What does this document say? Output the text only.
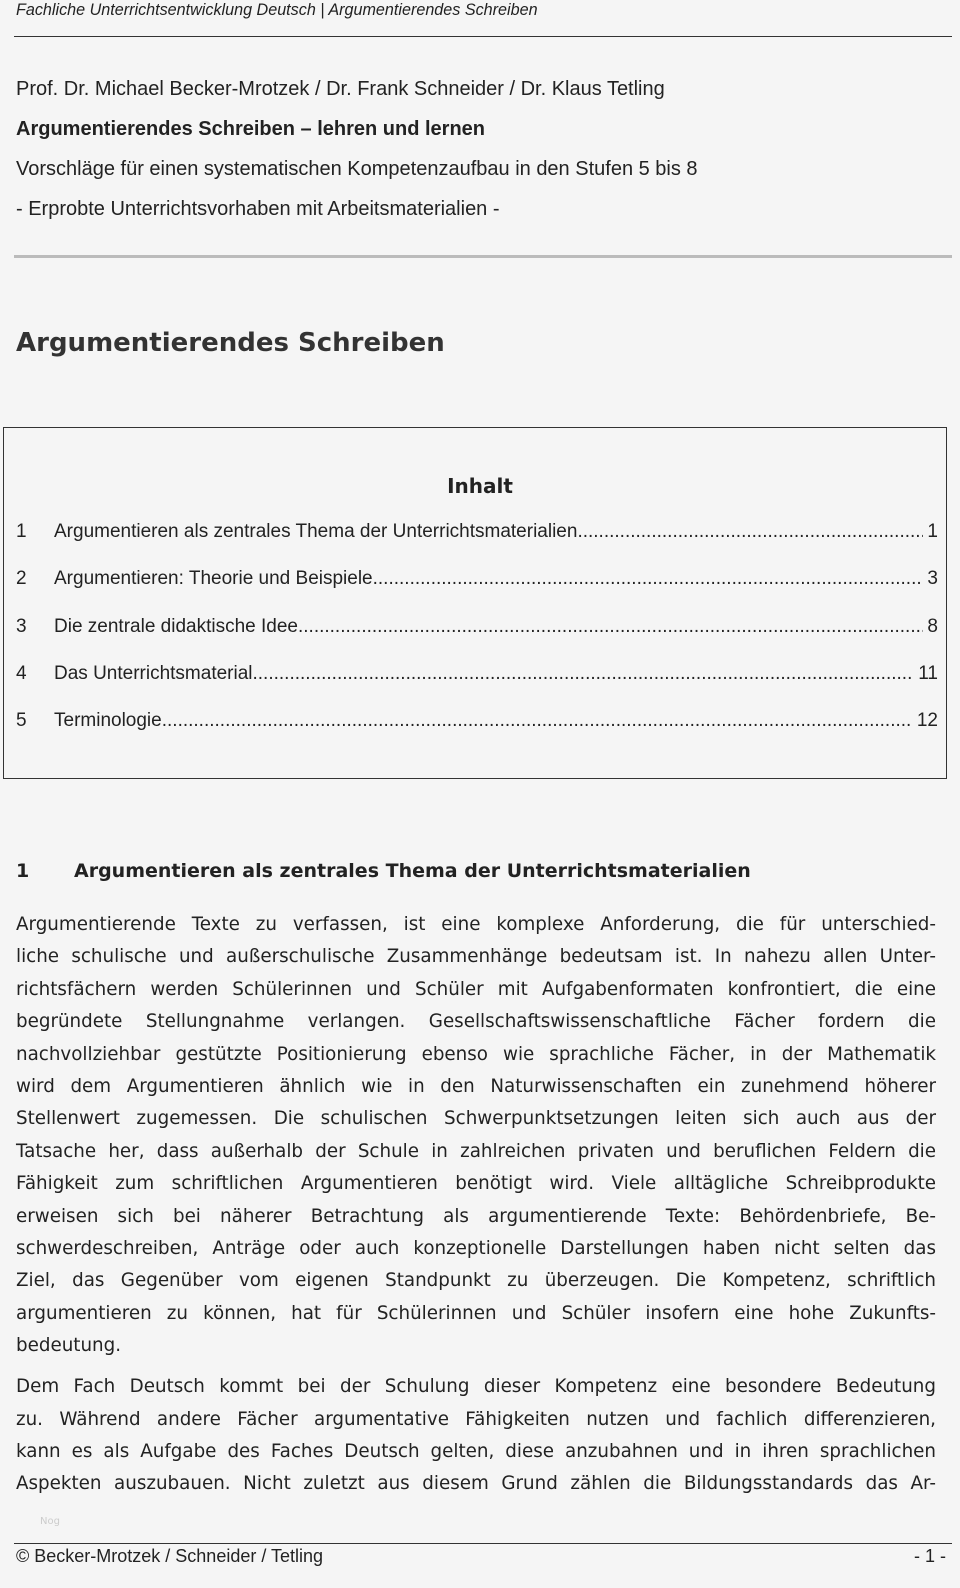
Fachliche Unterrichtsentwicklung Deutsch | Argumentierendes Schreiben
Prof. Dr. Michael Becker-Mrotzek / Dr. Frank Schneider / Dr. Klaus Tetling
Argumentierendes Schreiben – lehren und lernen
Vorschläge für einen systematischen Kompetenzaufbau in den Stufen 5 bis 8
- Erprobte Unterrichtsvorhaben mit Arbeitsmaterialien -
Argumentierendes Schreiben
Inhalt
1	Argumentieren als zentrales Thema der Unterrichtsmaterialien .....	1
2	Argumentieren: Theorie und Beispiele .....	3
3	Die zentrale didaktische Idee .....	8
4	Das Unterrichtsmaterial .....	11
5	Terminologie .....	12
1 Argumentieren als zentrales Thema der Unterrichtsmaterialien
Argumentierende Texte zu verfassen, ist eine komplexe Anforderung, die für unterschied-
liche schulische und außerschulische Zusammenhänge bedeutsam ist. In nahezu allen Unter-
richtsfächern werden Schülerinnen und Schüler mit Aufgabenformaten konfrontiert, die eine
begründete Stellungnahme verlangen. Gesellschaftswissenschaftliche Fächer fordern die
nachvollziehbar gestützte Positionierung ebenso wie sprachliche Fächer, in der Mathematik
wird dem Argumentieren ähnlich wie in den Naturwissenschaften ein zunehmend höherer
Stellenwert zugemessen. Die schulischen Schwerpunktsetzungen leiten sich auch aus der
Tatsache her, dass außerhalb der Schule in zahlreichen privaten und beruflichen Feldern die
Fähigkeit zum schriftlichen Argumentieren benötigt wird. Viele alltägliche Schreibprodukte
erweisen sich bei näherer Betrachtung als argumentierende Texte: Behördenbriefe, Be-
schwerdeschreiben, Anträge oder auch konzeptionelle Darstellungen haben nicht selten das
Ziel, das Gegenüber vom eigenen Standpunkt zu überzeugen. Die Kompetenz, schriftlich
argumentieren zu können, hat für Schülerinnen und Schüler insofern eine hohe Zukunfts-
bedeutung.
Dem Fach Deutsch kommt bei der Schulung dieser Kompetenz eine besondere Bedeutung
zu. Während andere Fächer argumentative Fähigkeiten nutzen und fachlich differenzieren,
kann es als Aufgabe des Faches Deutsch gelten, diese anzubahnen und in ihren sprachlichen
Aspekten auszubauen. Nicht zuletzt aus diesem Grund zählen die Bildungsstandards das Ar-
Nog
© Becker-Mrotzek / Schneider / Tetling	- 1 -
